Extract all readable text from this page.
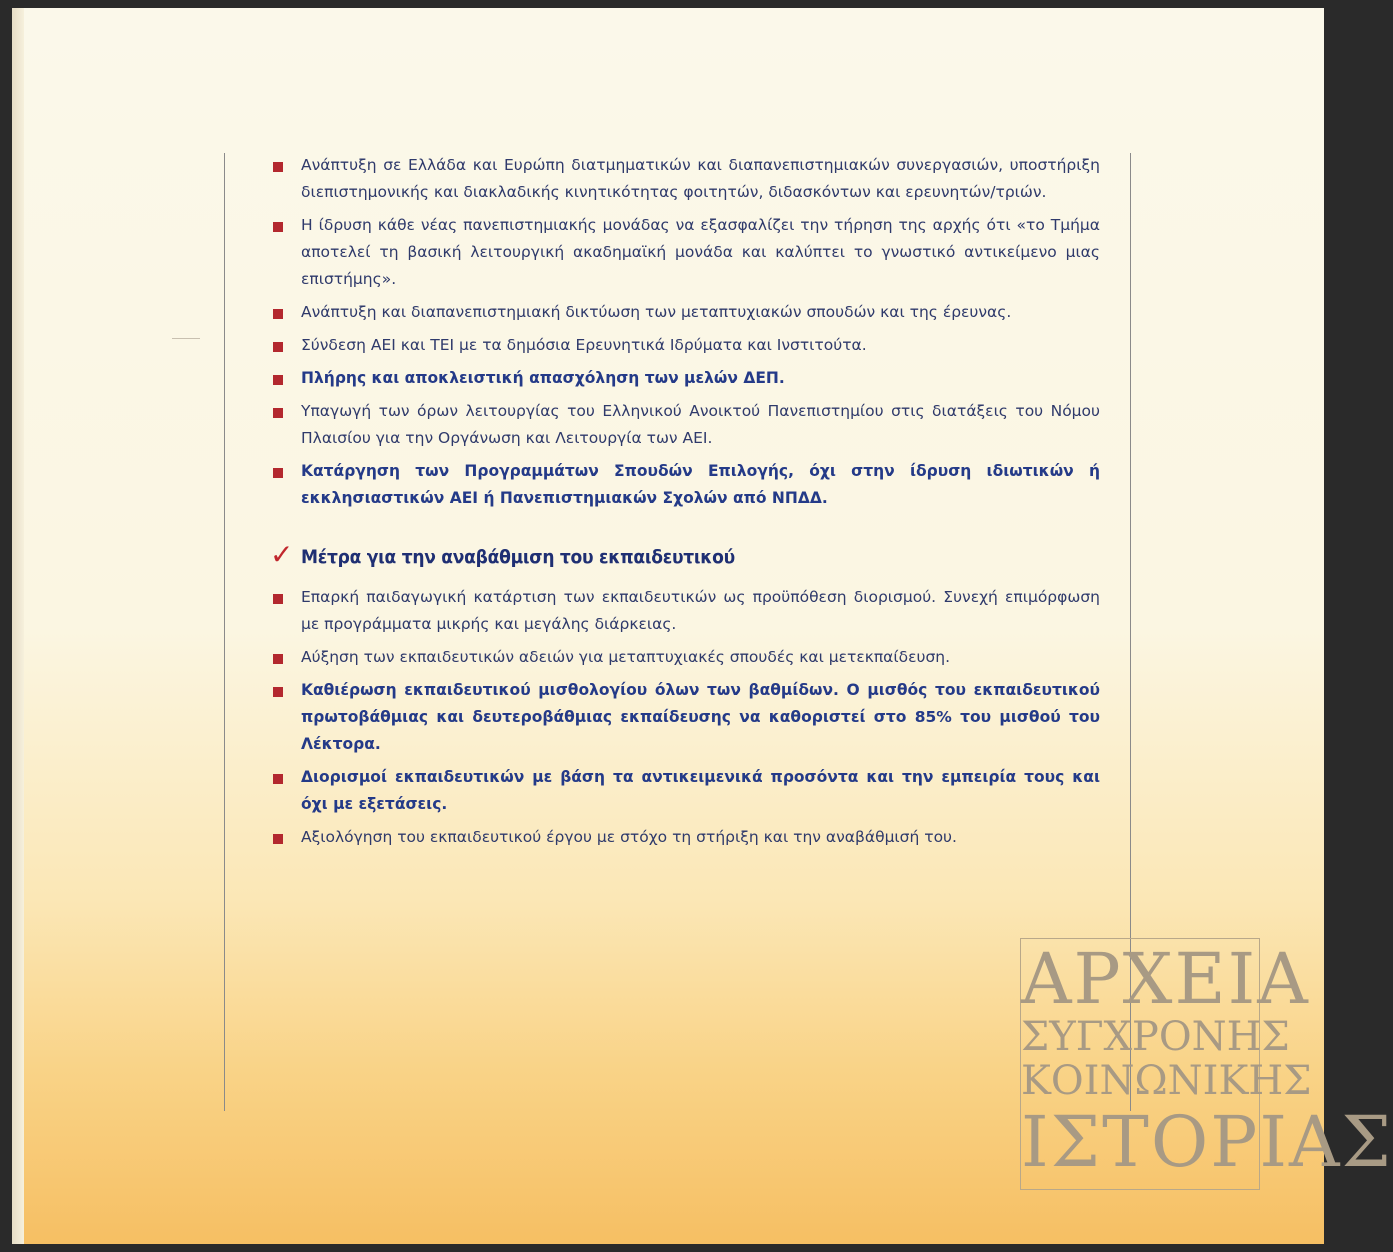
Ανάπτυξη σε Ελλάδα και Ευρώπη διατμηματικών και διαπανεπιστημιακών συνεργασιών, υποστήριξη διεπιστημονικής και διακλαδικής κινητικότητας φοιτητών, διδασκόντων και ερευνητών/τριών.
Η ίδρυση κάθε νέας πανεπιστημιακής μονάδας να εξασφαλίζει την τήρηση της αρχής ότι «το Τμήμα αποτελεί τη βασική λειτουργική ακαδημαϊκή μονάδα και καλύπτει το γνωστικό αντικείμενο μιας επιστήμης».
Ανάπτυξη και διαπανεπιστημιακή δικτύωση των μεταπτυχιακών σπουδών και της έρευνας.
Σύνδεση ΑΕΙ και ΤΕΙ με τα δημόσια Ερευνητικά Ιδρύματα και Ινστιτούτα.
Πλήρης και αποκλειστική απασχόληση των μελών ΔΕΠ.
Υπαγωγή των όρων λειτουργίας του Ελληνικού Ανοικτού Πανεπιστημίου στις διατάξεις του Νόμου Πλαισίου για την Οργάνωση και Λειτουργία των ΑΕΙ.
Κατάργηση των Προγραμμάτων Σπουδών Επιλογής, όχι στην ίδρυση ιδιωτικών ή εκκλησιαστικών ΑΕΙ ή Πανεπιστημιακών Σχολών από ΝΠΔΔ.
✓ Μέτρα για την αναβάθμιση του εκπαιδευτικού
Επαρκή παιδαγωγική κατάρτιση των εκπαιδευτικών ως προϋπόθεση διορισμού. Συνεχή επιμόρφωση με προγράμματα μικρής και μεγάλης διάρκειας.
Αύξηση των εκπαιδευτικών αδειών για μεταπτυχιακές σπουδές και μετεκπαίδευση.
Καθιέρωση εκπαιδευτικού μισθολογίου όλων των βαθμίδων. Ο μισθός του εκπαιδευτικού πρωτοβάθμιας και δευτεροβάθμιας εκπαίδευσης να καθοριστεί στο 85% του μισθού του Λέκτορα.
Διορισμοί εκπαιδευτικών με βάση τα αντικειμενικά προσόντα και την εμπειρία τους και όχι με εξετάσεις.
Αξιολόγηση του εκπαιδευτικού έργου με στόχο τη στήριξη και την αναβάθμισή του.
ΑΡΧΕΙΑ
ΣΥΓΧΡΟΝΗΣ
ΚΟΙΝΩΝΙΚΗΣ
ΙΣΤΟΡΙΑΣ
